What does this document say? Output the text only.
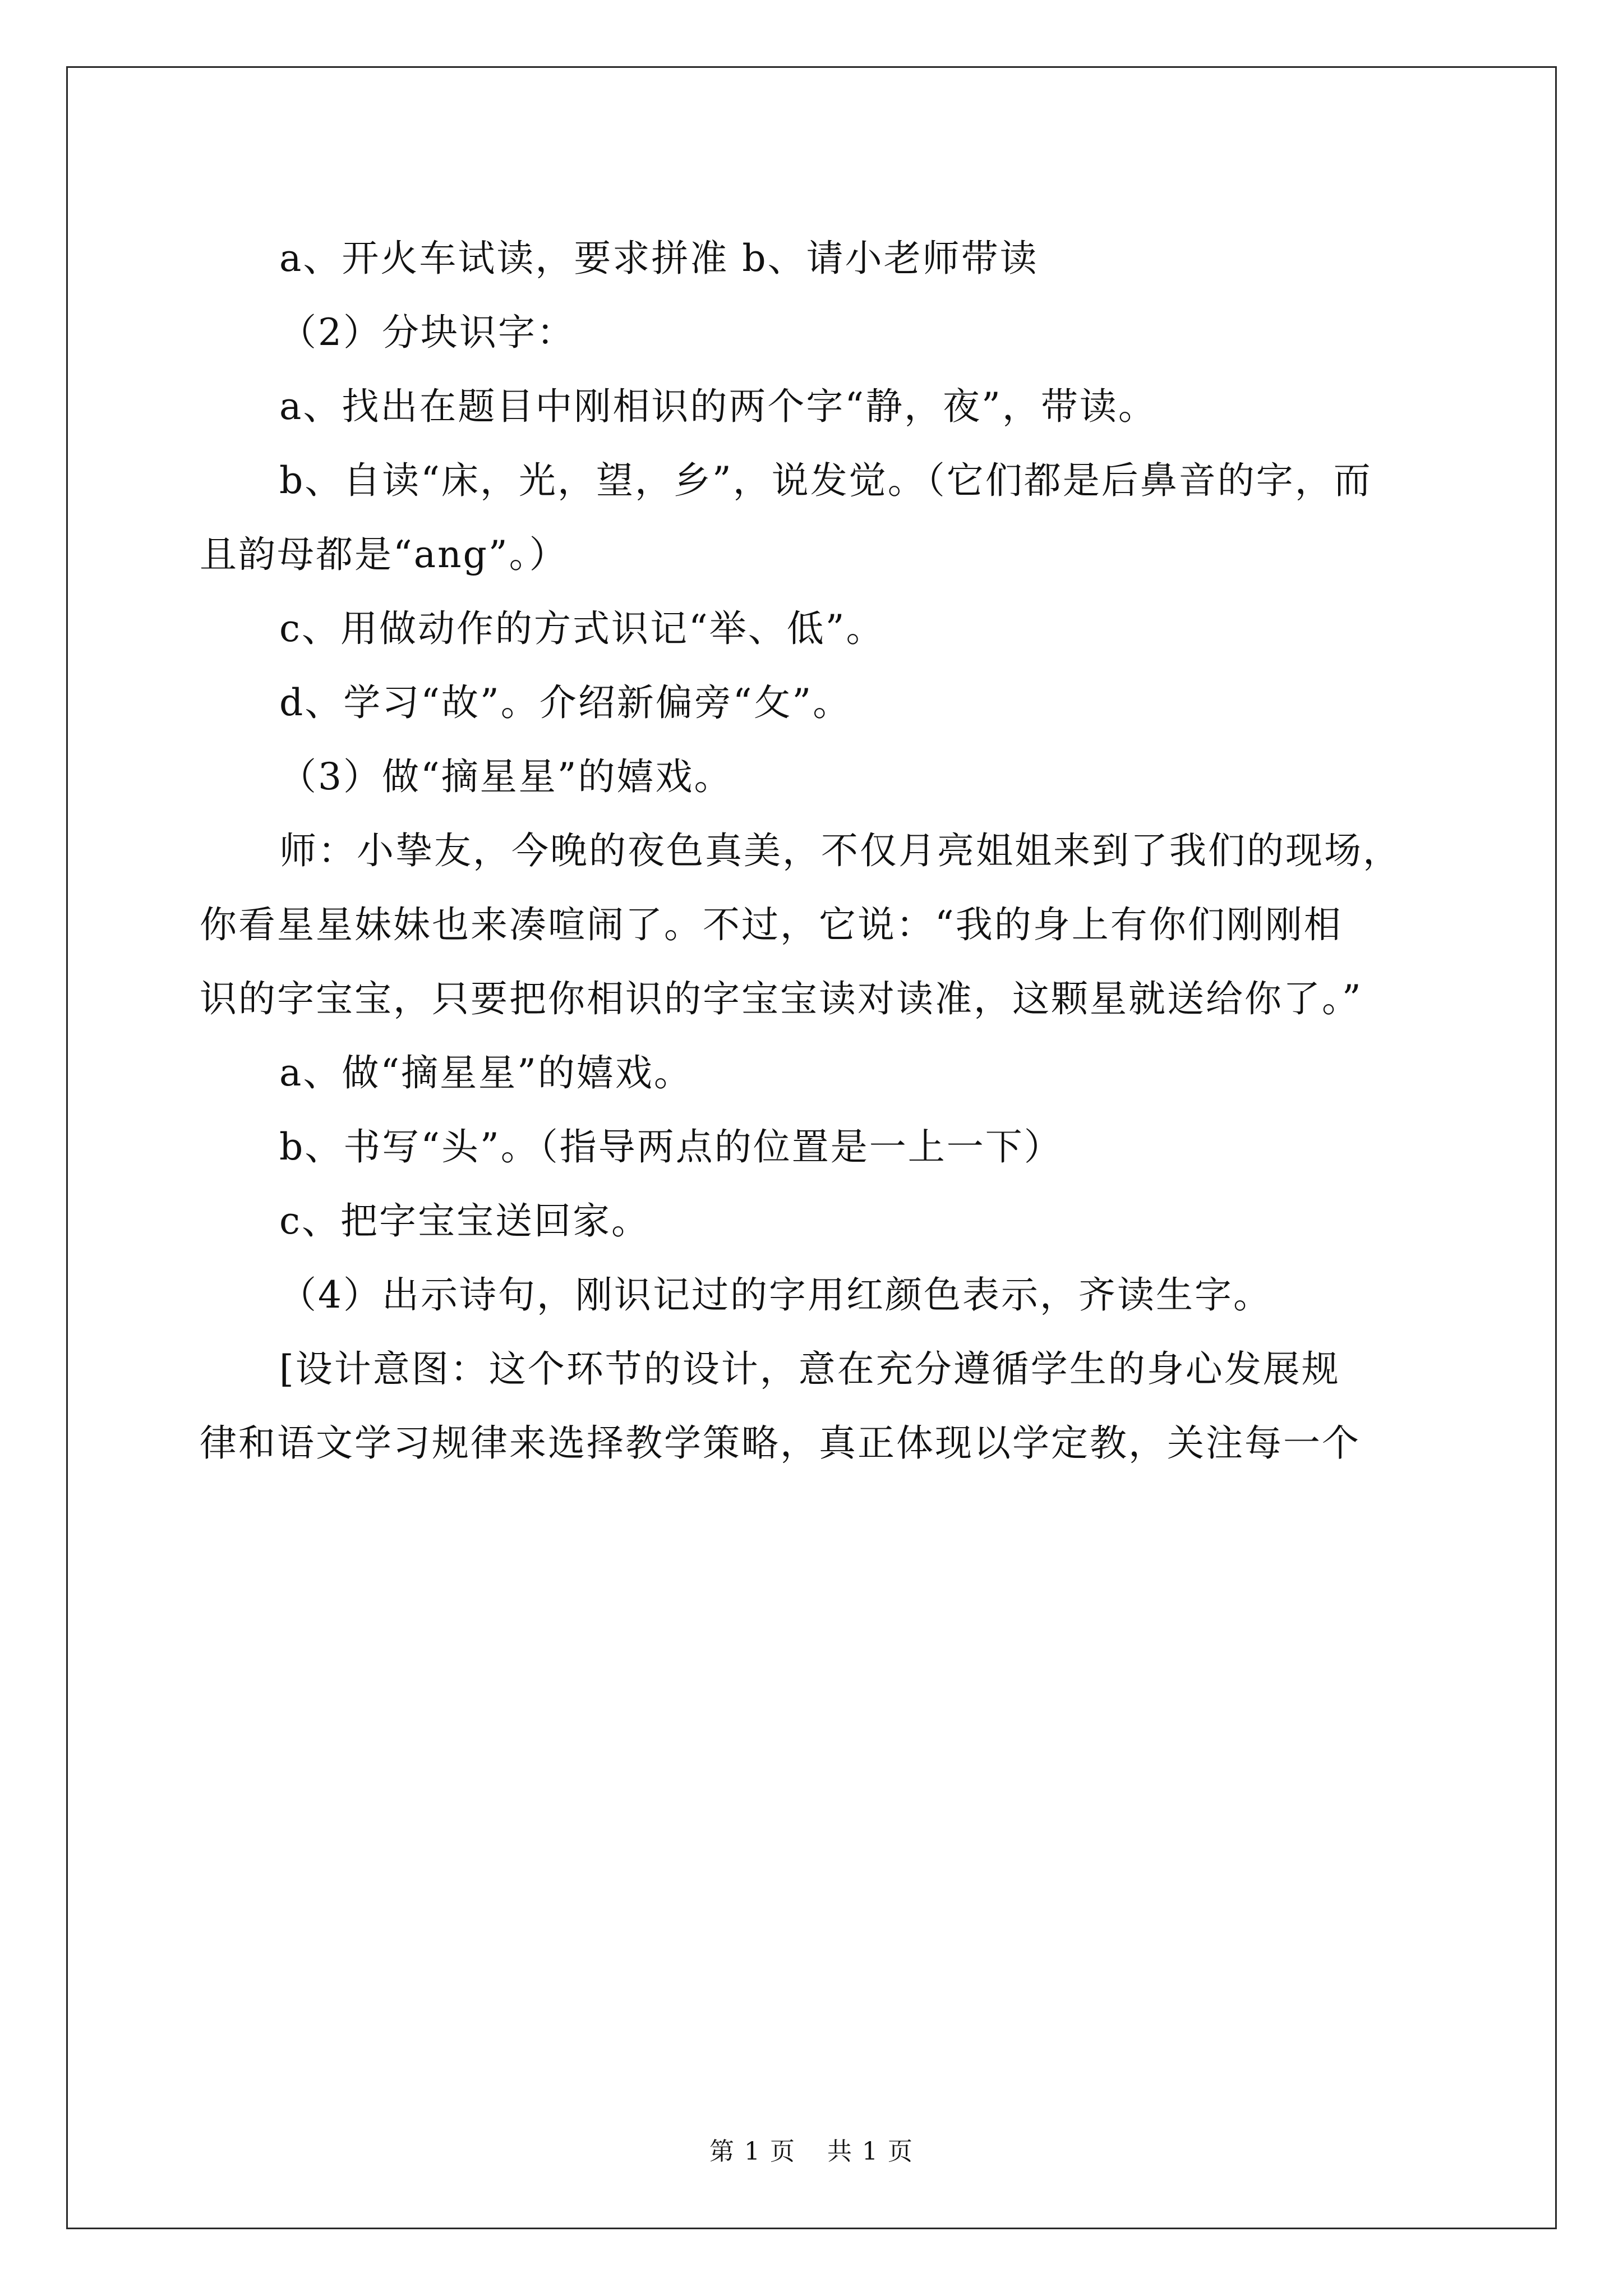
a、开火车试读，要求拼准 b、请小老师带读

（2）分块识字：

a、找出在题目中刚相识的两个字“静，夜”，带读。

b、自读“床，光，望，乡”，说发觉。（它们都是后鼻音的字，而

且韵母都是“ang”。）

c、用做动作的方式识记“举、低”。

d、学习“故”。介绍新偏旁“攵”。

（3）做“摘星星”的嬉戏。

师：小挚友，今晚的夜色真美，不仅月亮姐姐来到了我们的现场，

你看星星妹妹也来凑喧闹了。不过，它说：“我的身上有你们刚刚相

识的字宝宝，只要把你相识的字宝宝读对读准，这颗星就送给你了。”

a、做“摘星星”的嬉戏。

b、书写“头”。（指导两点的位置是一上一下）

c、把字宝宝送回家。

（4）出示诗句，刚识记过的字用红颜色表示，齐读生字。

[设计意图：这个环节的设计，意在充分遵循学生的身心发展规

律和语文学习规律来选择教学策略，真正体现以学定教，关注每一个

第 1 页 共 1 页
